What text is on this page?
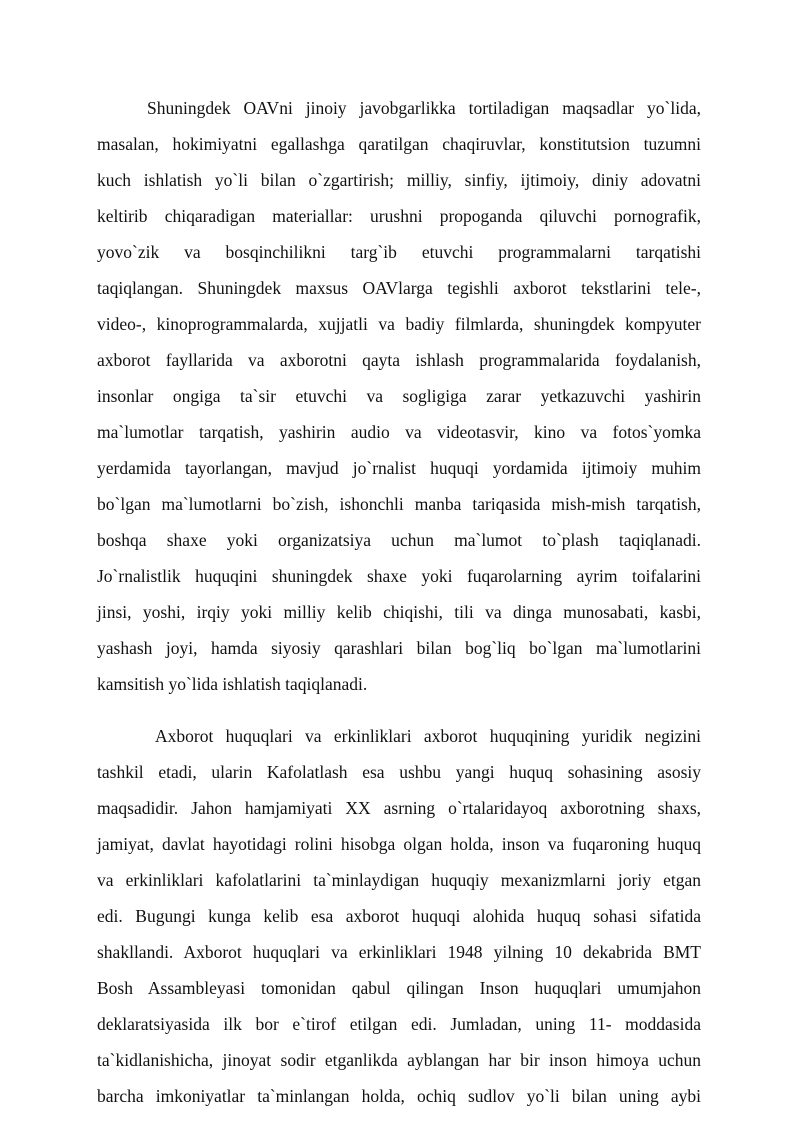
Shuningdek OAVni jinoiy javobgarlikka tortiladigan maqsadlar yo`lida,
masalan, hokimiyatni egallashga qaratilgan chaqiruvlar, konstitutsion tuzumni
kuch ishlatish yo`li bilan o`zgartirish; milliy, sinfiy, ijtimoiy, diniy adovatni
keltirib chiqaradigan materiallar: urushni propoganda qiluvchi pornografik,
yovo`zik va bosqinchilikni targ`ib etuvchi programmalarni tarqatishi
taqiqlangan. Shuningdek maxsus OAVlarga tegishli axborot tekstlarini tele-,
video-, kinoprogrammalarda, xujjatli va badiy filmlarda, shuningdek kompyuter
axborot fayllarida va axborotni qayta ishlash programmalarida foydalanish,
insonlar ongiga ta`sir etuvchi va sogligiga zarar yetkazuvchi yashirin
ma`lumotlar tarqatish, yashirin audio va videotasvir, kino va fotos`yomka
yerdamida tayorlangan, mavjud jo`rnalist huquqi yordamida ijtimoiy muhim
bo`lgan ma`lumotlarni bo`zish, ishonchli manba tariqasida mish-mish tarqatish,
boshqa shaxe yoki organizatsiya uchun ma`lumot to`plash taqiqlanadi.
Jo`rnalistlik huquqini shuningdek shaxe yoki fuqarolarning ayrim toifalarini
jinsi, yoshi, irqiy yoki milliy kelib chiqishi, tili va dinga munosabati, kasbi,
yashash joyi, hamda siyosiy qarashlari bilan bog`liq bo`lgan ma`lumotlarini
kamsitish yo`lida ishlatish taqiqlanadi.
Axborot huquqlari va erkinliklari axborot huquqining yuridik negizini
tashkil etadi, ularin Kafolatlash esa ushbu yangi huquq sohasining asosiy
maqsadidir. Jahon hamjamiyati XX asrning o`rtalaridayoq axborotning shaxs,
jamiyat, davlat hayotidagi rolini hisobga olgan holda, inson va fuqaroning huquq
va erkinliklari kafolatlarini ta`minlaydigan huquqiy mexanizmlarni joriy etgan
edi. Bugungi kunga kelib esa axborot huquqi alohida huquq sohasi sifatida
shakllandi. Axborot huquqlari va erkinliklari 1948 yilning 10 dekabrida BMT
Bosh Assambleyasi tomonidan qabul qilingan Inson huquqlari umumjahon
deklaratsiyasida ilk bor e`tirof etilgan edi. Jumladan, uning 11- moddasida
ta`kidlanishicha, jinoyat sodir etganlikda ayblangan har bir inson himoya uchun
barcha imkoniyatlar ta`minlangan holda, ochiq sudlov yo`li bilan uning aybi
